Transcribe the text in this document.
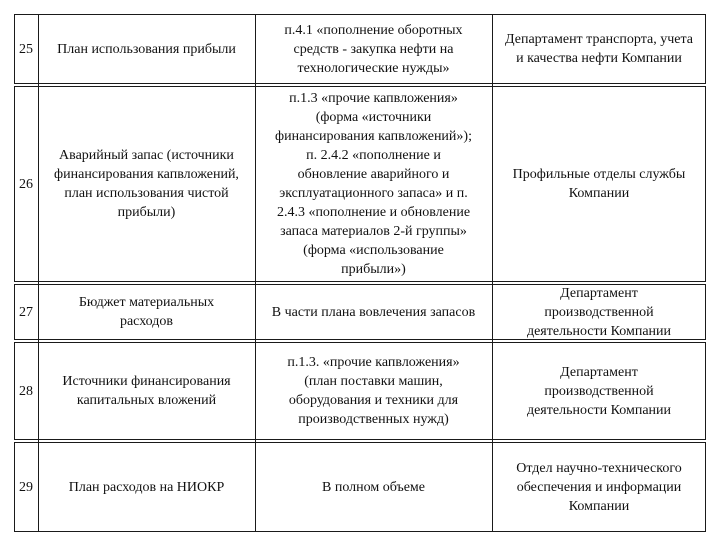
25 План использования прибыли
п.4.1 «пополнение оборотных
средств - закупка нефти на
технологические нужды»
Департамент транспорта, учета
и качества нефти Компании
26
Аварийный запас (источники
финансирования капвложений,
план использования чистой
прибыли)
п.1.3 «прочие капвложения»
(форма «источники
финансирования капвложений»);
п. 2.4.2 «пополнение и
обновление аварийного и
эксплуатационного запаса» и п.
2.4.3 «пополнение и обновление
запаса материалов 2-й группы»
(форма «использование
прибыли»)
Профильные отделы службы
Компании
27
Бюджет материальных
расходов
В части плана вовлечения запасов
Департамент
производственной
деятельности Компании
28
Источники финансирования
капитальных вложений
п.1.3. «прочие капвложения»
(план поставки машин,
оборудования и техники для
производственных нужд)
Департамент
производственной
деятельности Компании
29	План расходов на НИОКР	В полном объеме
Отдел научно-технического
обеспечения и информации
Компании
